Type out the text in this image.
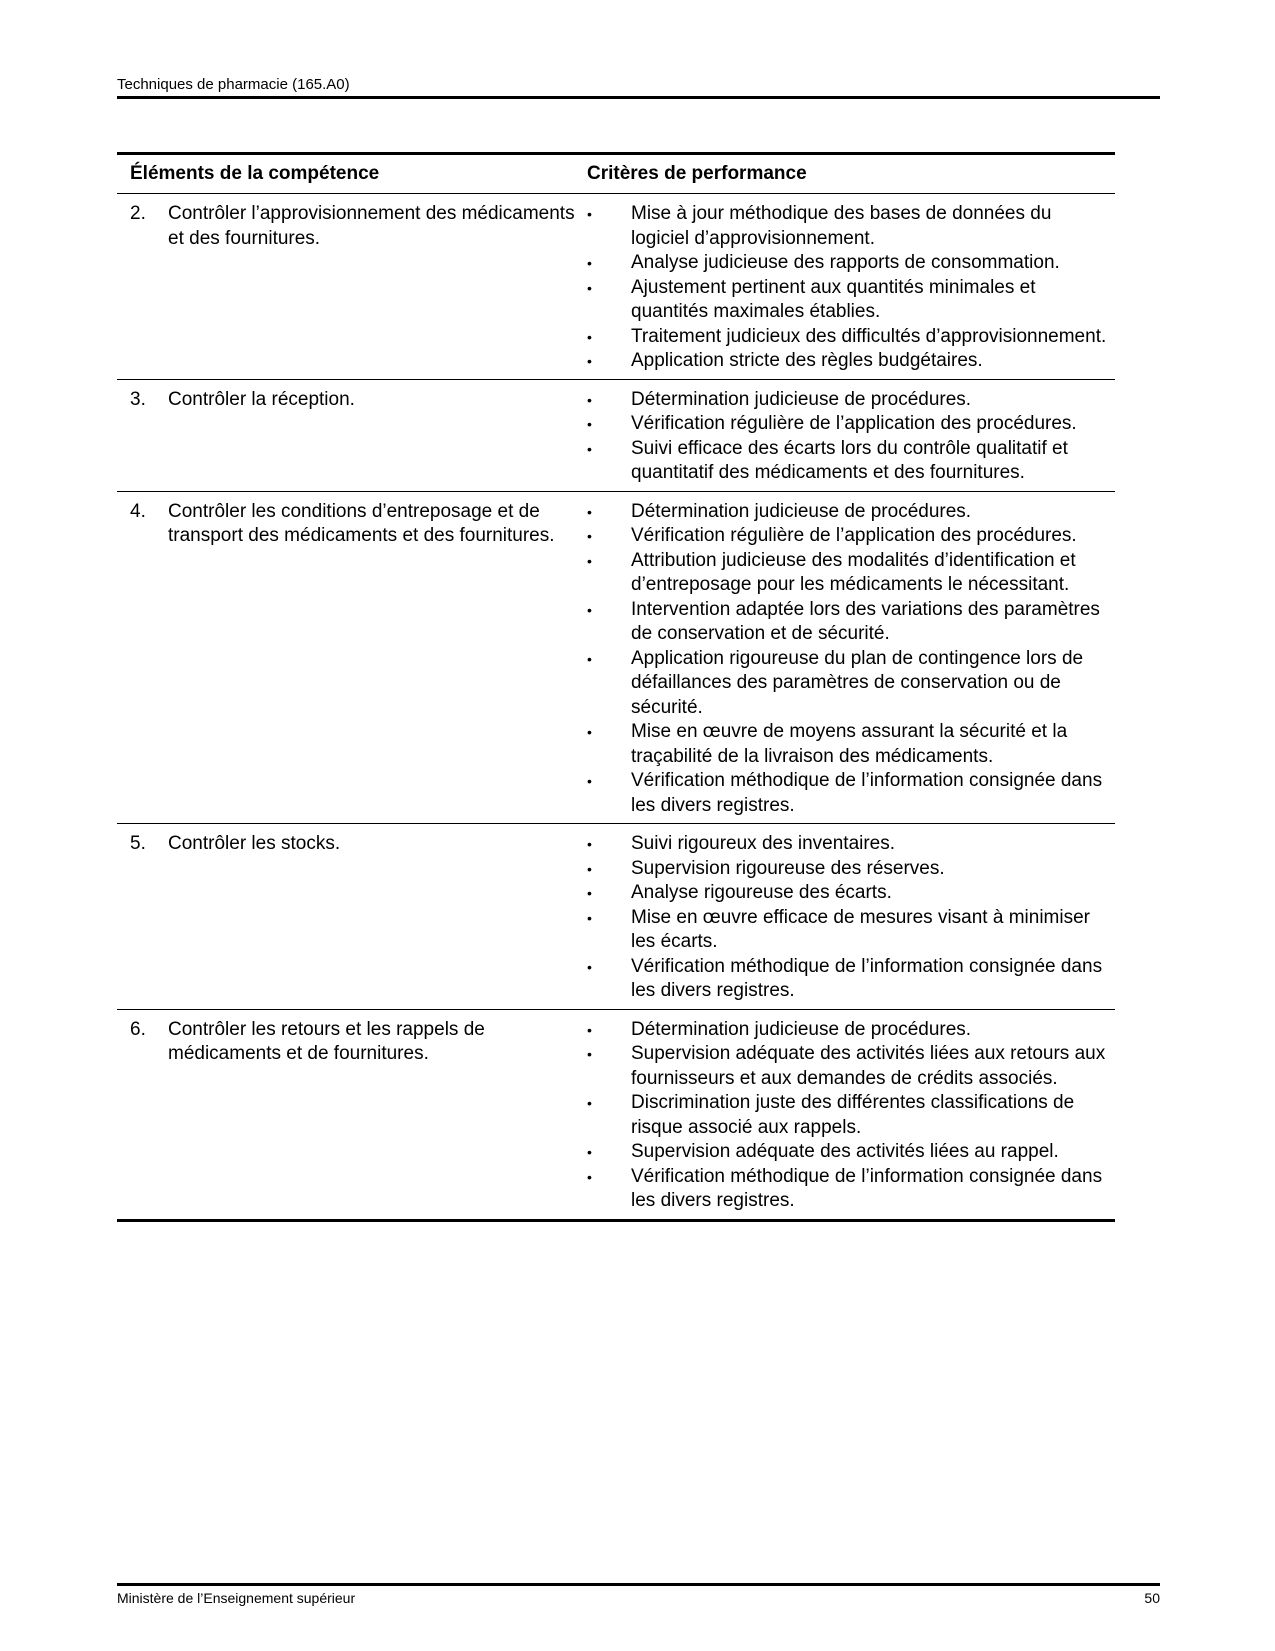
Techniques de pharmacie (165.A0)
Éléments de la compétence	Critères de performance
2.	Contrôler l’approvisionnement des médicaments et des fournitures.
•	Mise à jour méthodique des bases de données du logiciel d’approvisionnement.
•	Analyse judicieuse des rapports de consommation.
•	Ajustement pertinent aux quantités minimales et quantités maximales établies.
•	Traitement judicieux des difficultés d’approvisionnement.
•	Application stricte des règles budgétaires.
3.	Contrôler la réception.	•	Détermination judicieuse de procédures.
•	Vérification régulière de l’application des procédures.
•	Suivi efficace des écarts lors du contrôle qualitatif et quantitatif des médicaments et des fournitures.
4.	Contrôler les conditions d’entreposage et de transport des médicaments et des fournitures.
•	Détermination judicieuse de procédures.
•	Vérification régulière de l’application des procédures.
•	Attribution judicieuse des modalités d’identification et d’entreposage pour les médicaments le nécessitant.
•	Intervention adaptée lors des variations des paramètres de conservation et de sécurité.
•	Application rigoureuse du plan de contingence lors de défaillances des paramètres de conservation ou de sécurité.
•	Mise en œuvre de moyens assurant la sécurité et la traçabilité de la livraison des médicaments.
•	Vérification méthodique de l’information consignée dans les divers registres.
5.	Contrôler les stocks.	•	Suivi rigoureux des inventaires.
•	Supervision rigoureuse des réserves.
•	Analyse rigoureuse des écarts.
•	Mise en œuvre efficace de mesures visant à minimiser les écarts.
•	Vérification méthodique de l’information consignée dans les divers registres.
6.	Contrôler les retours et les rappels de médicaments et de fournitures.
•	Détermination judicieuse de procédures.
•	Supervision adéquate des activités liées aux retours aux fournisseurs et aux demandes de crédits associés.
•	Discrimination juste des différentes classifications de risque associé aux rappels.
•	Supervision adéquate des activités liées au rappel.
•	Vérification méthodique de l’information consignée dans les divers registres.
Ministère de l’Enseignement supérieur	50
